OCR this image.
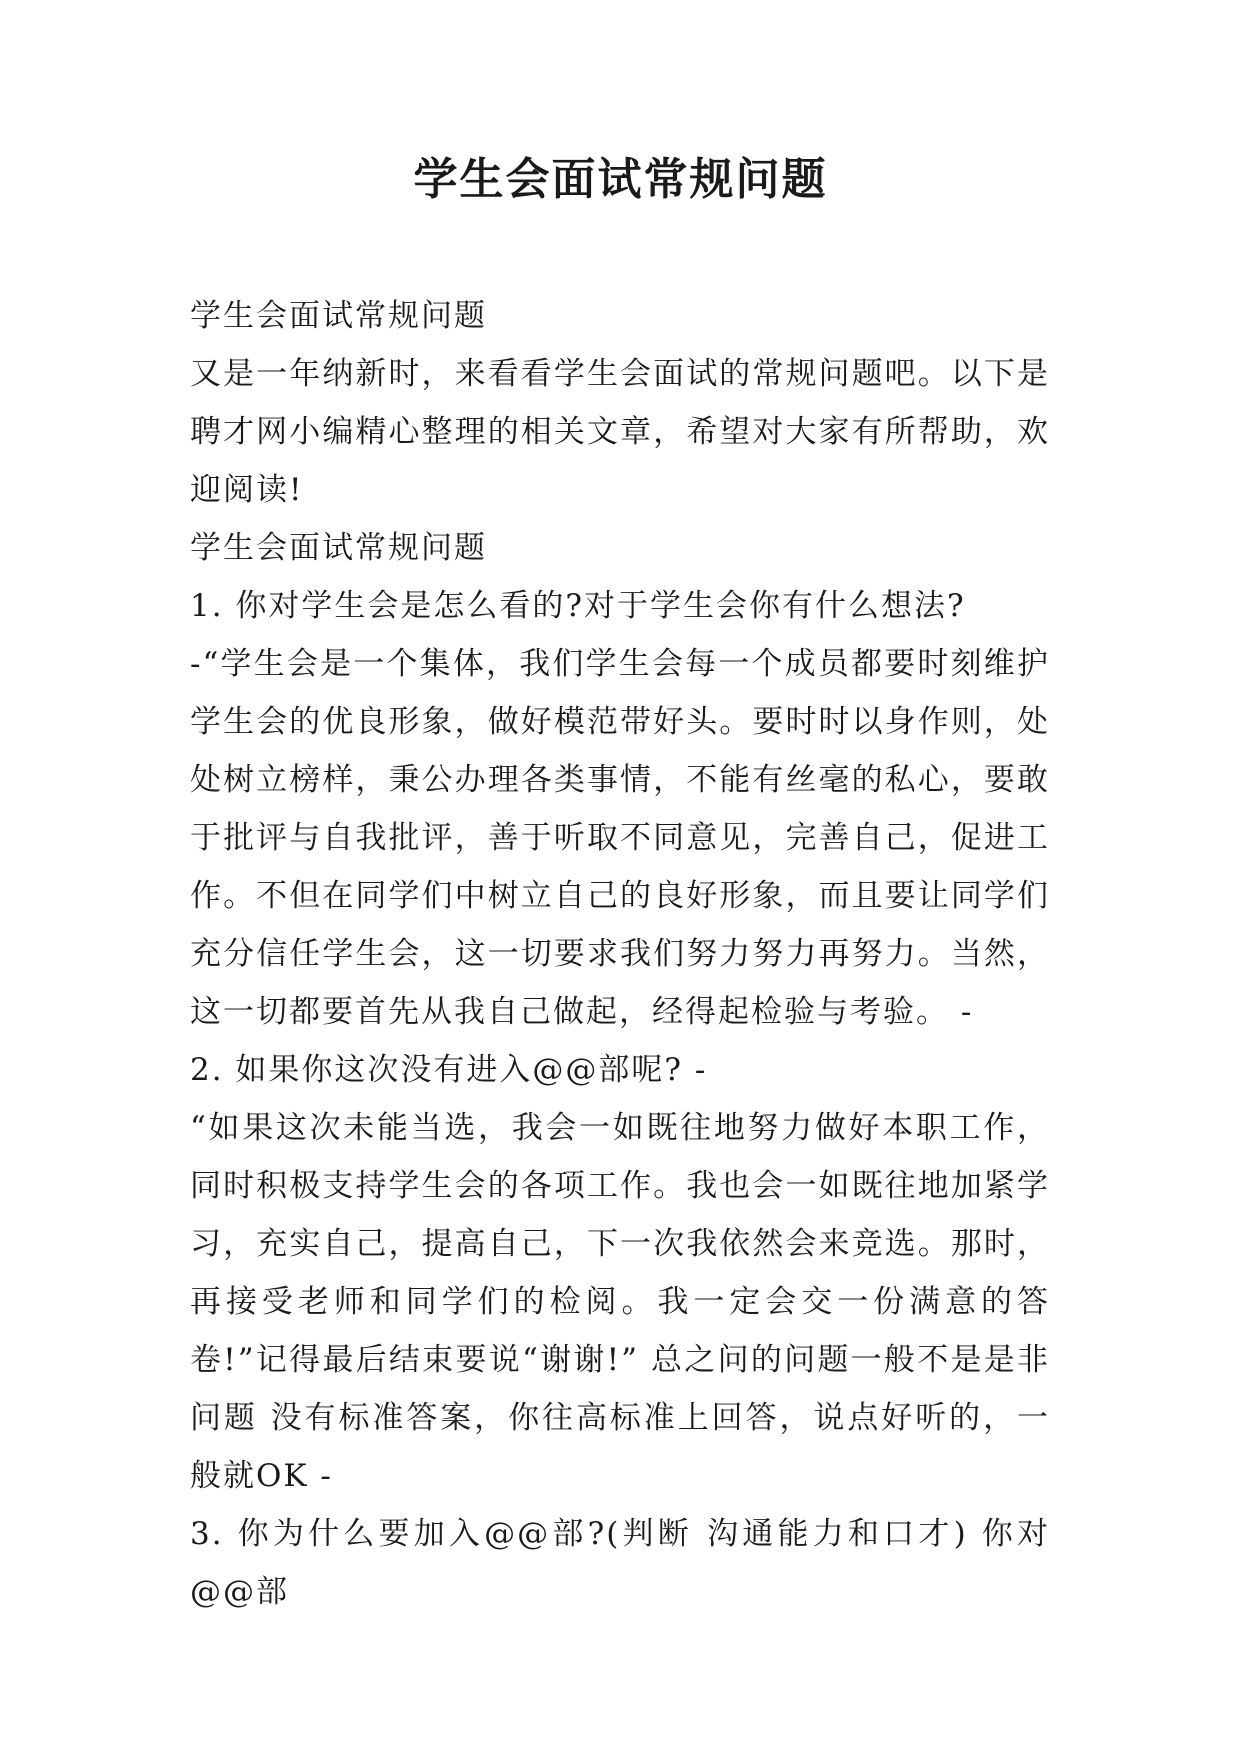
学生会面试常规问题

学生会面试常规问题

又是一年纳新时，来看看学生会面试的常规问题吧。以下是聘才网小编精心整理的相关文章，希望对大家有所帮助，欢迎阅读!

学生会面试常规问题

1. 你对学生会是怎么看的?对于学生会你有什么想法?

-“学生会是一个集体，我们学生会每一个成员都要时刻维护学生会的优良形象，做好模范带好头。要时时以身作则，处处树立榜样，秉公办理各类事情，不能有丝毫的私心，要敢于批评与自我批评，善于听取不同意见，完善自己，促进工作。不但在同学们中树立自己的良好形象，而且要让同学们充分信任学生会，这一切要求我们努力努力再努力。当然，这一切都要首先从我自己做起，经得起检验与考验。 -

2. 如果你这次没有进入@@部呢? -

“如果这次未能当选，我会一如既往地努力做好本职工作，同时积极支持学生会的各项工作。我也会一如既往地加紧学习，充实自己，提高自己，下一次我依然会来竞选。那时，再接受老师和同学们的检阅。我一定会交一份满意的答卷!”记得最后结束要说“谢谢!” 总之问的问题一般不是是非问题 没有标准答案，你往高标准上回答，说点好听的，一般就OK -

3. 你为什么要加入@@部?(判断 沟通能力和口才) 你对@@部
